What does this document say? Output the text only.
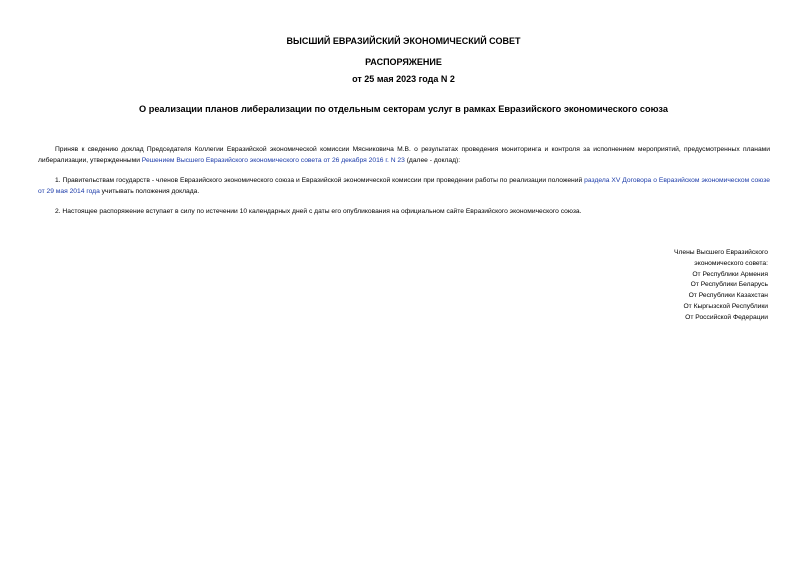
ВЫСШИЙ ЕВРАЗИЙСКИЙ ЭКОНОМИЧЕСКИЙ СОВЕТ
РАСПОРЯЖЕНИЕ
от 25 мая 2023 года N 2
О реализации планов либерализации по отдельным секторам услуг в рамках Евразийского экономического союза
Приняв к сведению доклад Председателя Коллегии Евразийской экономической комиссии Мясниковича М.В. о результатах проведения мониторинга и контроля за исполнением мероприятий, предусмотренных планами либерализации, утвержденными Решением Высшего Евразийского экономического совета от 26 декабря 2016 г. N 23 (далее - доклад):
1. Правительствам государств - членов Евразийского экономического союза и Евразийской экономической комиссии при проведении работы по реализации положений раздела XV Договора о Евразийском экономическом союзе от 29 мая 2014 года учитывать положения доклада.
2. Настоящее распоряжение вступает в силу по истечении 10 календарных дней с даты его опубликования на официальном сайте Евразийского экономического союза.
Члены Высшего Евразийского
экономического совета:
От Республики Армения
От Республики Беларусь
От Республики Казахстан
От Кыргызской Республики
От Российской Федерации
